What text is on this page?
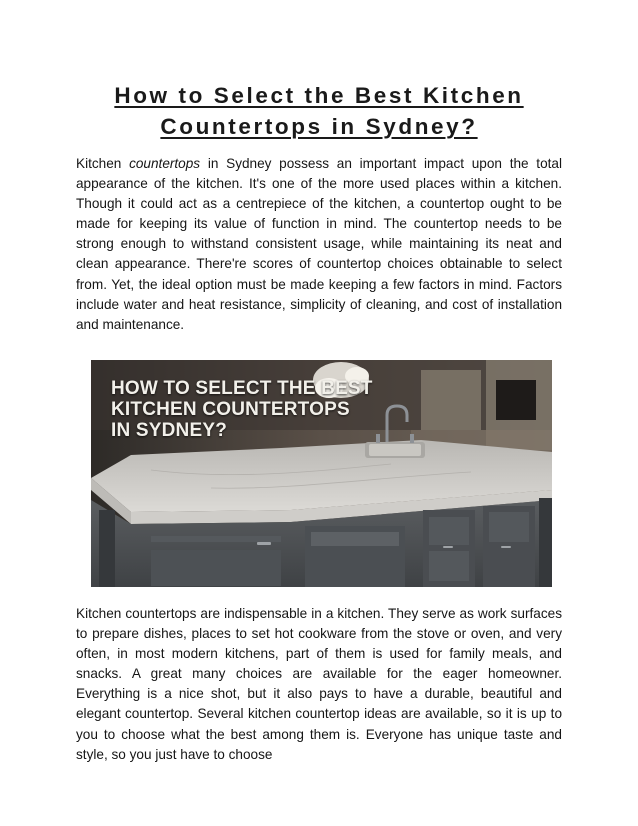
How to Select the Best Kitchen
Countertops in Sydney?
Kitchen countertops in Sydney possess an important impact upon the total appearance of the kitchen. It's one of the more used places within a kitchen. Though it could act as a centrepiece of the kitchen, a countertop ought to be made for keeping its value of function in mind. The countertop needs to be strong enough to withstand consistent usage, while maintaining its neat and clean appearance. There're scores of countertop choices obtainable to select from. Yet, the ideal option must be made keeping a few factors in mind. Factors include water and heat resistance, simplicity of cleaning, and cost of installation and maintenance.
HOW TO SELECT THE BEST
KITCHEN COUNTERTOPS
IN SYDNEY?
Kitchen countertops are indispensable in a kitchen. They serve as work surfaces to prepare dishes, places to set hot cookware from the stove or oven, and very often, in most modern kitchens, part of them is used for family meals, and snacks. A great many choices are available for the eager homeowner. Everything is a nice shot, but it also pays to have a durable, beautiful and elegant countertop. Several kitchen countertop ideas are available, so it is up to you to choose what the best among them is. Everyone has unique taste and style, so you just have to choose
